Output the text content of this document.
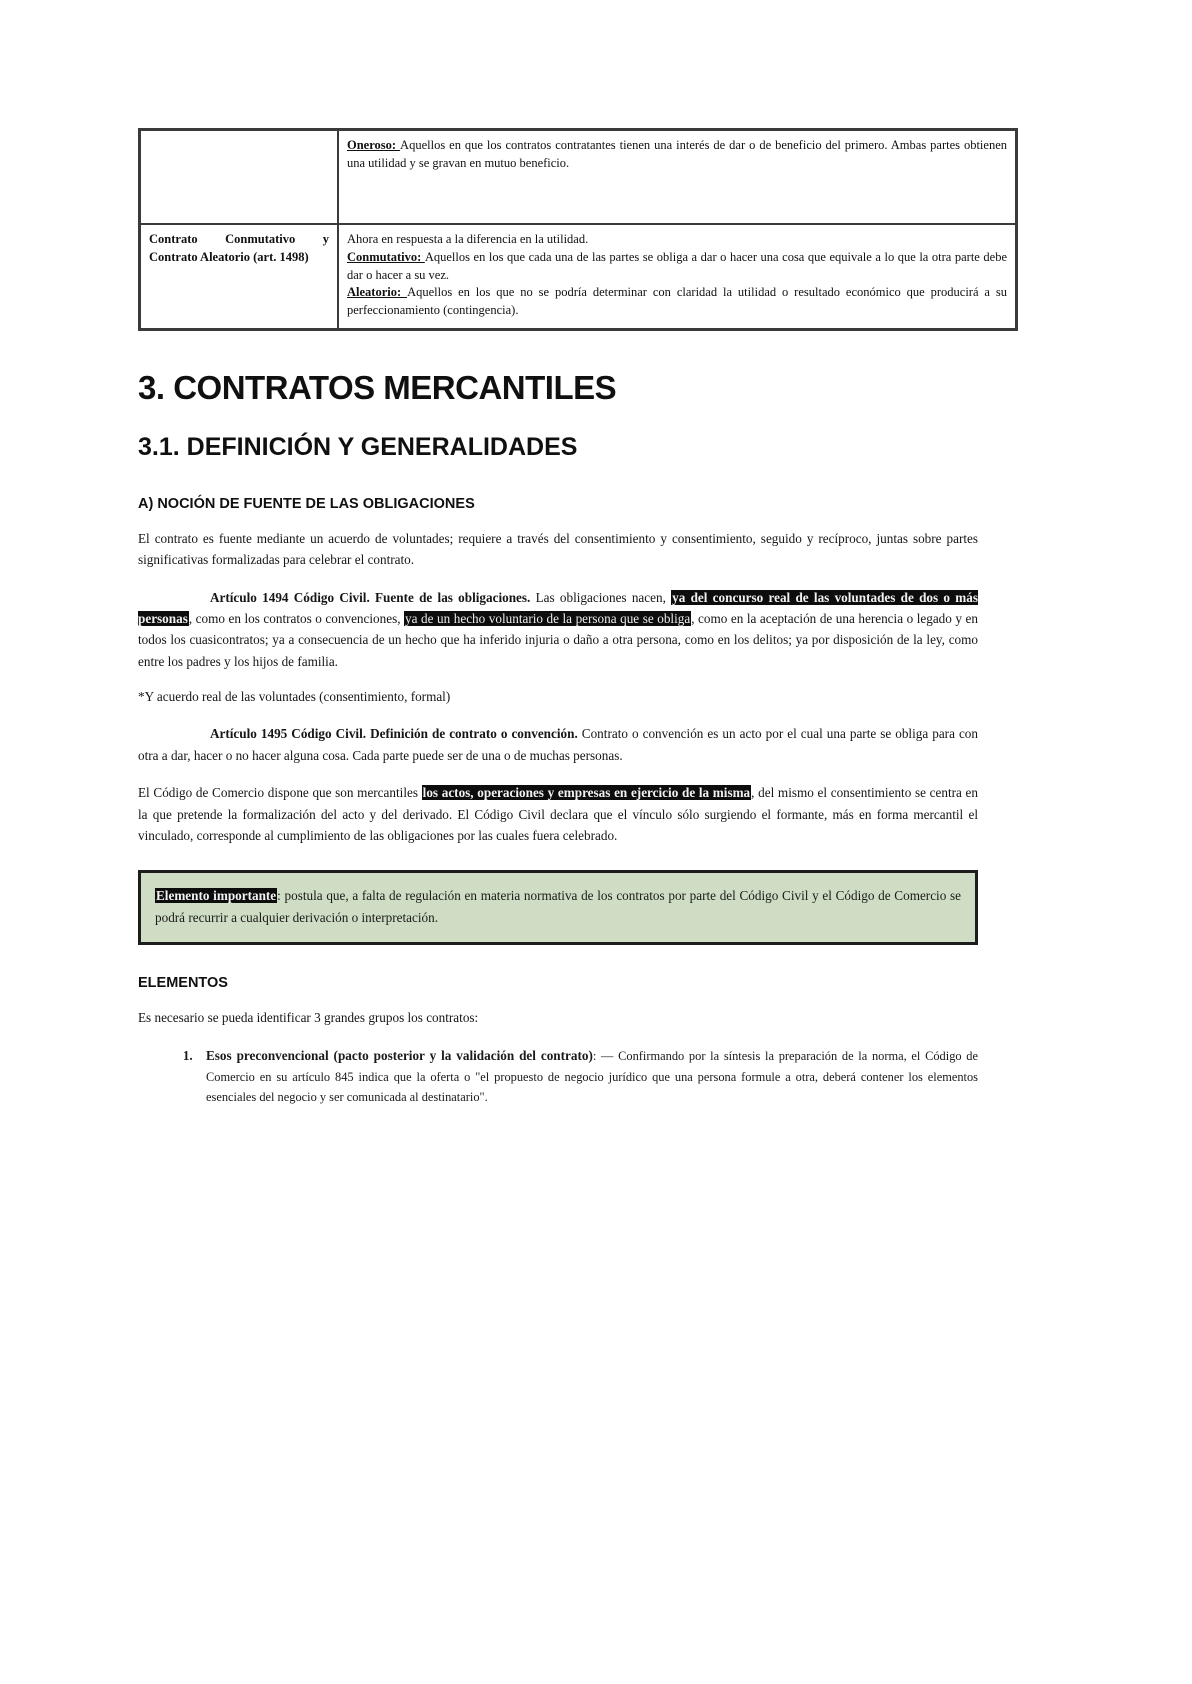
	Oneroso: Aquellos en que los contratos contratantes tienen una interés de dar o de beneficio del primero. Ambas partes obtienen una utilidad y se gravan en mutuo beneficio.
Contrato Conmutativo y Contrato Aleatorio (art. 1498)	Ahora en respuesta a la diferencia en la utilidad.
Conmutativo: Aquellos en los que cada una de las partes se obliga a dar o hacer una cosa que equivale a lo que la otra parte debe dar o hacer a su vez.
Aleatorio: Aquellos en los que no se podría determinar con claridad la utilidad o resultado económico que producirá a su perfeccionamiento (contingencia).
3. CONTRATOS MERCANTILES
3.1. DEFINICIÓN Y GENERALIDADES
A) NOCIÓN DE FUENTE DE LAS OBLIGACIONES

El contrato es fuente mediante un acuerdo de voluntades; requiere a través del consentimiento y consentimiento, seguido y recíproco, juntas sobre partes significativas formalizadas para celebrar el contrato.

Artículo 1494 Código Civil. Fuente de las obligaciones. Las obligaciones nacen, ya del concurso real de las voluntades de dos o más personas, como en los contratos o convenciones, ya de un hecho voluntario de la persona que se obliga, como en la aceptación de una herencia o legado y en todos los cuasicontratos; ya a consecuencia de un hecho que ha inferido injuria o daño a otra persona, como en los delitos; ya por disposición de la ley, como entre los padres y los hijos de familia.

*Y acuerdo real de las voluntades (consentimiento, formal)

Artículo 1495 Código Civil. Definición de contrato o convención. Contrato o convención es un acto por el cual una parte se obliga para con otra a dar, hacer o no hacer alguna cosa. Cada parte puede ser de una o de muchas personas.

El Código de Comercio dispone que son mercantiles los actos, operaciones y empresas en ejercicio de la misma, del mismo el consentimiento se centra en la que pretende la formalización del acto y del derivado. El Código Civil declara que el vínculo sólo surgiendo el formante, más en forma mercantil el vinculado, corresponde al cumplimiento de las obligaciones por las cuales fuera celebrado.

Elemento importante: postula que, a falta de regulación en materia normativa de los contratos por parte del Código Civil y el Código de Comercio se podrá recurrir a cualquier derivación o interpretación.
ELEMENTOS

Es necesario se pueda identificar 3 grandes grupos los contratos:

1. Esos preconvencional (pacto posterior y la validación del contrato): — Confirmando por la síntesis la preparación de la norma, el Código de Comercio en su artículo 845 indica que la oferta o "el propuesto de negocio jurídico que una persona formule a otra, deberá contener los elementos esenciales del negocio y ser comunicada al destinatario".
